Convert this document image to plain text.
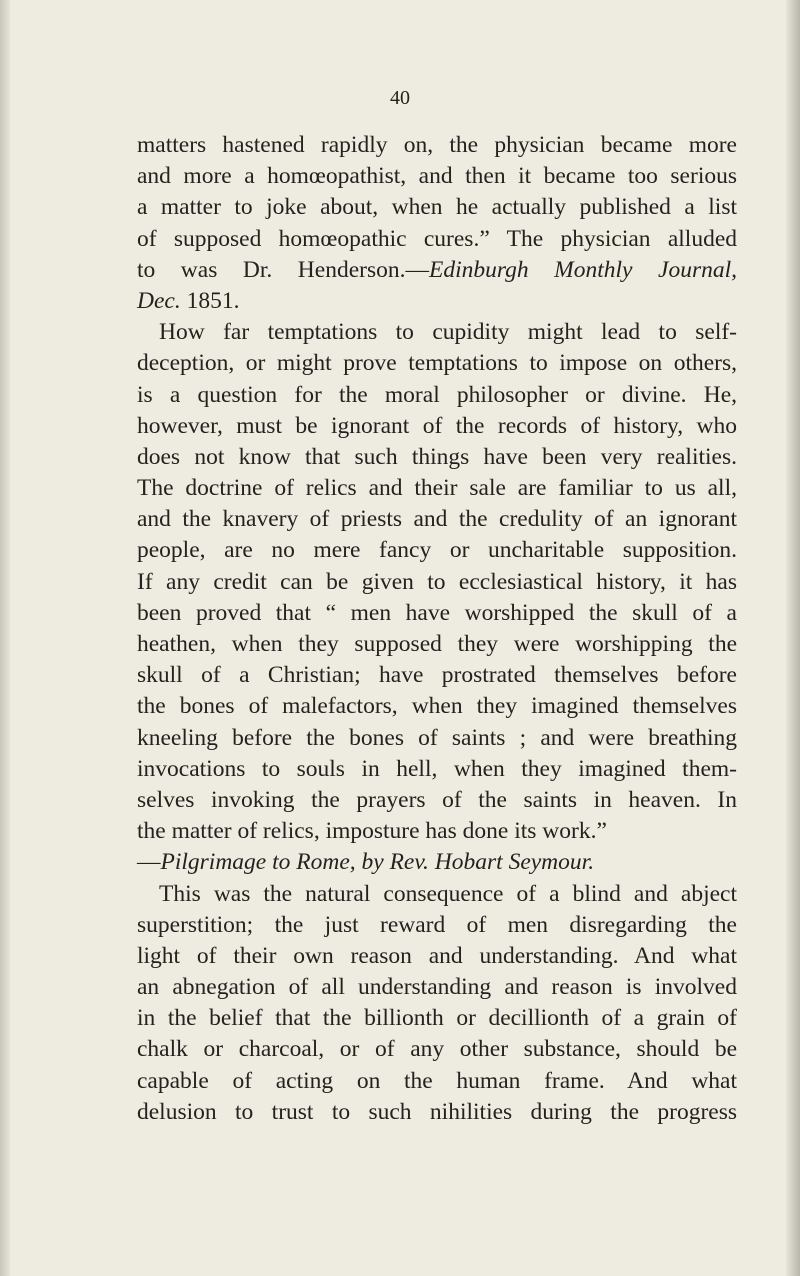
40
matters hastened rapidly on, the physician became more
and more a homœopathist, and then it became too serious
a matter to joke about, when he actually published a list
of supposed homœopathic cures.” The physician alluded
to was Dr. Henderson.—Edinburgh Monthly Journal,
Dec. 1851.
How far temptations to cupidity might lead to self-
deception, or might prove temptations to impose on others,
is a question for the moral philosopher or divine. He,
however, must be ignorant of the records of history, who
does not know that such things have been very realities.
The doctrine of relics and their sale are familiar to us all,
and the knavery of priests and the credulity of an ignorant
people, are no mere fancy or uncharitable supposition.
If any credit can be given to ecclesiastical history, it has
been proved that “ men have worshipped the skull of a
heathen, when they supposed they were worshipping the
skull of a Christian; have prostrated themselves before
the bones of malefactors, when they imagined themselves
kneeling before the bones of saints ; and were breathing
invocations to souls in hell, when they imagined them-
selves invoking the prayers of the saints in heaven. In
the matter of relics, imposture has done its work.”
—Pilgrimage to Rome, by Rev. Hobart Seymour.
This was the natural consequence of a blind and abject
superstition; the just reward of men disregarding the
light of their own reason and understanding. And what
an abnegation of all understanding and reason is involved
in the belief that the billionth or decillionth of a grain of
chalk or charcoal, or of any other substance, should be
capable of acting on the human frame. And what
delusion to trust to such nihilities during the progress
